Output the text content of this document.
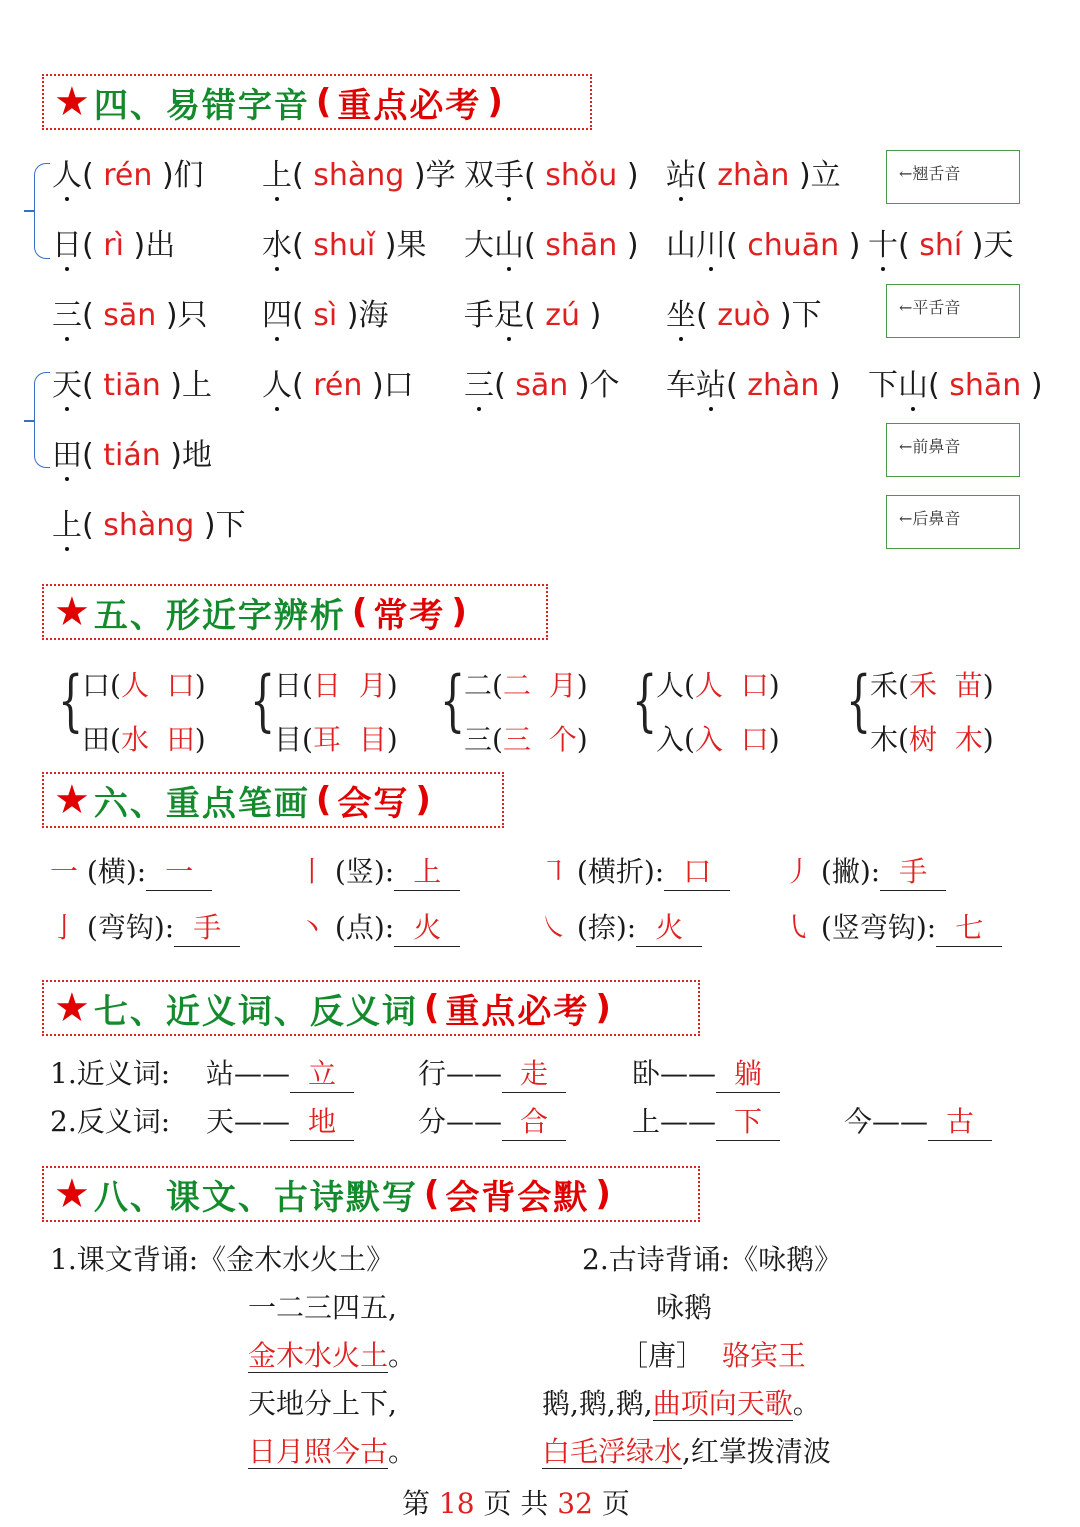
★ 四、易错字音 ( 重点必考 )
人( rén )们 上( shàng )学 双手( shǒu ) 站( zhàn )立
日( rì )出	水( shuǐ )果 大山( shān ) 山川( chuān ) 十( shí )天
三( sān )只 四( sì )海	手足( zú ) 坐( zuò )下
天( tiān )上 人( rén )口 三( sān )个 车站( zhàn ) 下山( shān )
田( tián )地
上( shàng )下
←翘舌音
←平舌音
←前鼻音
←后鼻音
★ 五、形近字辨析 ( 常考 )
{
口(人 口)
田(水 田)
{
日(日 月)
目(耳 目)
{
二(二 月)
三(三 个)
{
人(人 口)
入(入 口)
{
禾(禾 苗)
木(树 木)
★ 六、重点笔画 ( 会写 )
一 (横): 一	丨 (竖): 上	㇕ (横折): 口	丿 (撇): 手
亅 (弯钩): 手	丶 (点): 火	㇏ (捺): 火	㇂ (竖弯钩): 七
★ 七、近义词、反义词 ( 重点必考 )
1.近义词: 站—— 立	行—— 走	卧—— 躺
2.反义词: 天—— 地	分—— 合	上—— 下	今—— 古
★ 八、课文、古诗默写 ( 会背会默 )
1.课文背诵:《金木水火土》	2.古诗背诵:《咏鹅》
一二三四五,
金木水火土。
天地分上下,
日月照今古。
咏鹅
［唐］ 骆宾王
鹅,鹅,鹅,曲项向天歌。
白毛浮绿水,红掌拨清波
第 18 页 共 32 页
